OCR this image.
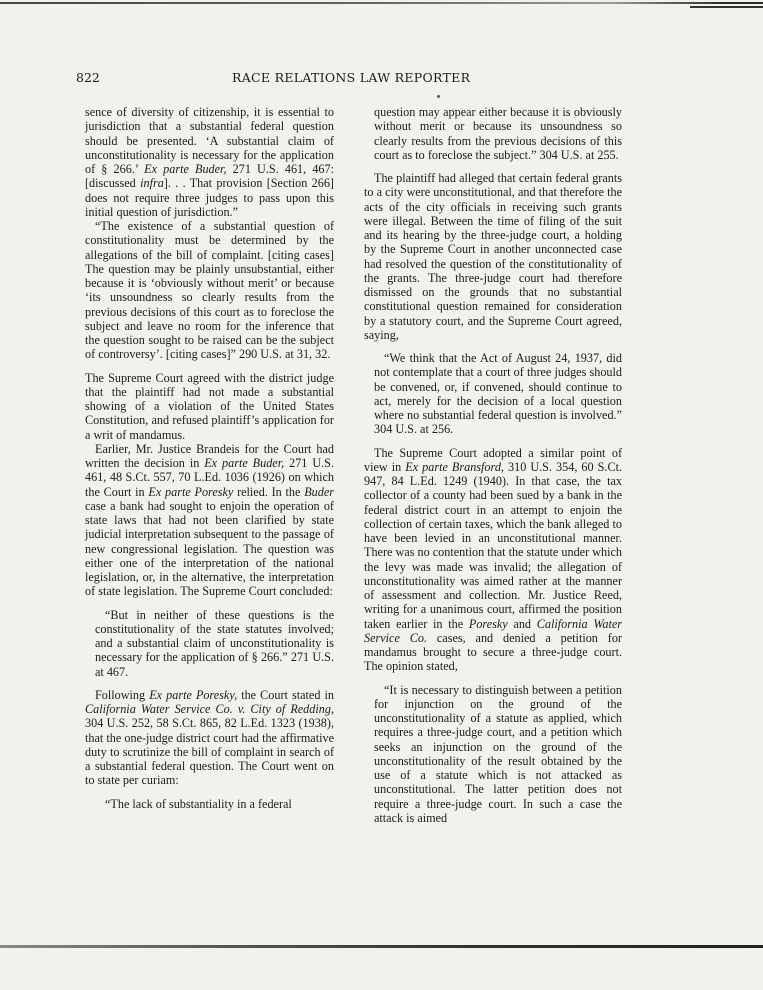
822	RACE RELATIONS LAW REPORTER

sence of diversity of citizenship, it is essential to jurisdiction that a substantial federal question should be presented. ‘A substantial claim of unconstitutionality is necessary for the application of § 266.’ Ex parte Buder, 271 U.S. 461, 467: [discussed infra]. . . That provision [Section 266] does not require three judges to pass upon this initial question of jurisdiction.”

“The existence of a substantial question of constitutionality must be determined by the allegations of the bill of complaint. [citing cases] The question may be plainly unsubstantial, either because it is ‘obviously without merit’ or because ‘its unsoundness so clearly results from the previous decisions of this court as to foreclose the subject and leave no room for the inference that the question sought to be raised can be the subject of controversy’. [citing cases]” 290 U.S. at 31, 32.

The Supreme Court agreed with the district judge that the plaintiff had not made a substantial showing of a violation of the United States Constitution, and refused plaintiff’s application for a writ of mandamus.

Earlier, Mr. Justice Brandeis for the Court had written the decision in Ex parte Buder, 271 U.S. 461, 48 S.Ct. 557, 70 L.Ed. 1036 (1926) on which the Court in Ex parte Poresky relied. In the Buder case a bank had sought to enjoin the operation of state laws that had not been clarified by state judicial interpretation subsequent to the passage of new congressional legislation. The question was either one of the interpretation of the national legislation, or, in the alternative, the interpretation of state legislation. The Supreme Court concluded:

“But in neither of these questions is the constitutionality of the state statutes involved; and a substantial claim of unconstitutionality is necessary for the application of § 266.” 271 U.S. at 467.

Following Ex parte Poresky, the Court stated in California Water Service Co. v. City of Redding, 304 U.S. 252, 58 S.Ct. 865, 82 L.Ed. 1323 (1938), that the one-judge district court had the affirmative duty to scrutinize the bill of complaint in search of a substantial federal question. The Court went on to state per curiam:

“The lack of substantiality in a federal

question may appear either because it is obviously without merit or because its unsoundness so clearly results from the previous decisions of this court as to foreclose the subject.” 304 U.S. at 255.

The plaintiff had alleged that certain federal grants to a city were unconstitutional, and that therefore the acts of the city officials in receiving such grants were illegal. Between the time of filing of the suit and its hearing by the three-judge court, a holding by the Supreme Court in another unconnected case had resolved the question of the constitutionality of the grants. The three-judge court had therefore dismissed on the grounds that no substantial constitutional question remained for consideration by a statutory court, and the Supreme Court agreed, saying,

“We think that the Act of August 24, 1937, did not contemplate that a court of three judges should be convened, or, if convened, should continue to act, merely for the decision of a local question where no substantial federal question is involved.” 304 U.S. at 256.

The Supreme Court adopted a similar point of view in Ex parte Bransford, 310 U.S. 354, 60 S.Ct. 947, 84 L.Ed. 1249 (1940). In that case, the tax collector of a county had been sued by a bank in the federal district court in an attempt to enjoin the collection of certain taxes, which the bank alleged to have been levied in an unconstitutional manner. There was no contention that the statute under which the levy was made was invalid; the allegation of unconstitutionality was aimed rather at the manner of assessment and collection. Mr. Justice Reed, writing for a unanimous court, affirmed the position taken earlier in the Poresky and California Water Service Co. cases, and denied a petition for mandamus brought to secure a three-judge court. The opinion stated,

“It is necessary to distinguish between a petition for injunction on the ground of the unconstitutionality of a statute as applied, which requires a three-judge court, and a petition which seeks an injunction on the ground of the unconstitutionality of the result obtained by the use of a statute which is not attacked as unconstitutional. The latter petition does not require a three-judge court. In such a case the attack is aimed
